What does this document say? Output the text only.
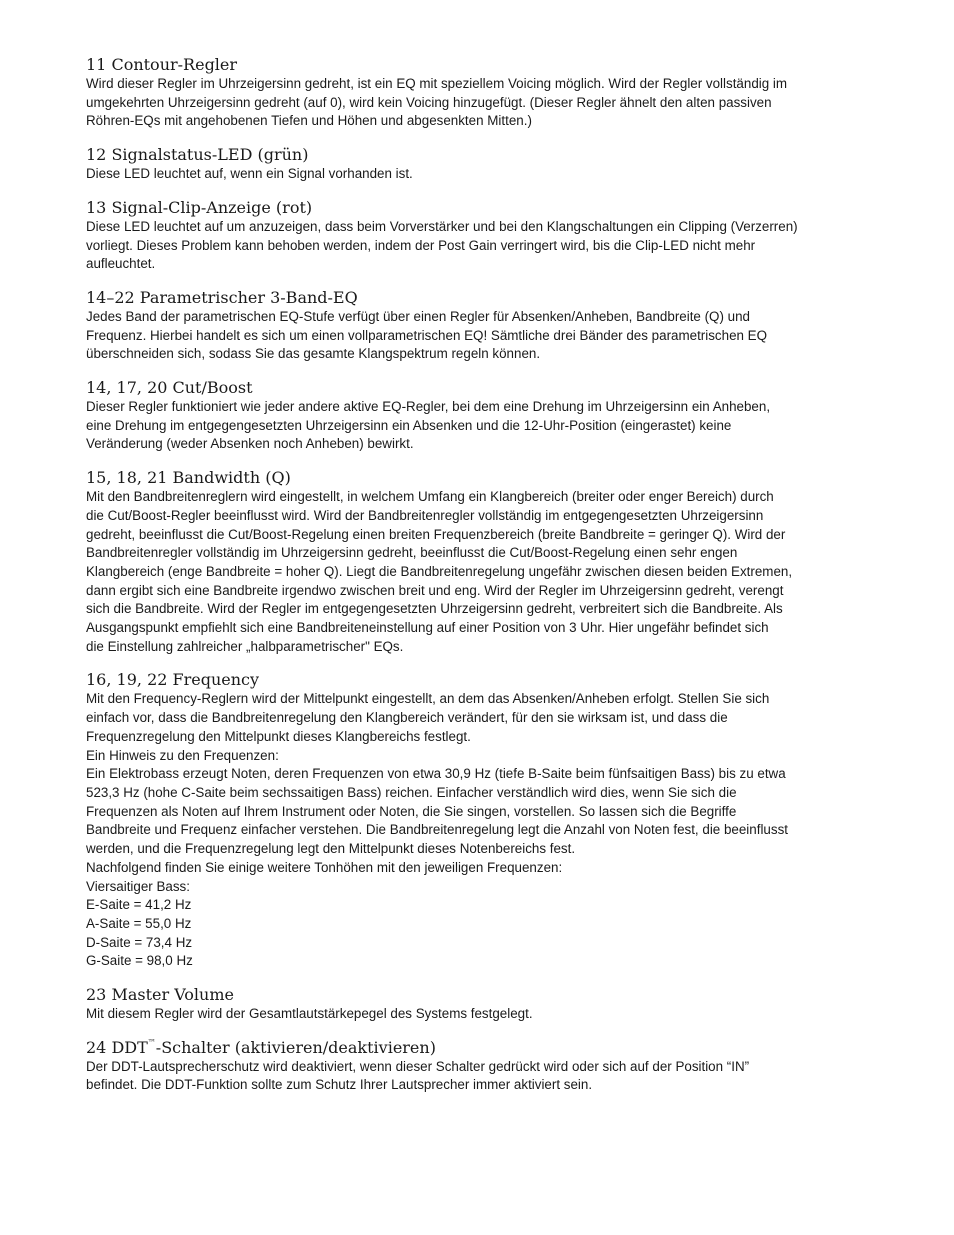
11 Contour-Regler

Wird dieser Regler im Uhrzeigersinn gedreht, ist ein EQ mit speziellem Voicing möglich. Wird der Regler vollständig im
umgekehrten Uhrzeigersinn gedreht (auf 0), wird kein Voicing hinzugefügt. (Dieser Regler ähnelt den alten passiven
Röhren-EQs mit angehobenen Tiefen und Höhen und abgesenkten Mitten.)

12 Signalstatus-LED (grün)

Diese LED leuchtet auf, wenn ein Signal vorhanden ist.

13 Signal-Clip-Anzeige (rot)

Diese LED leuchtet auf um anzuzeigen, dass beim Vorverstärker und bei den Klangschaltungen ein Clipping (Verzerren)
vorliegt. Dieses Problem kann behoben werden, indem der Post Gain verringert wird, bis die Clip-LED nicht mehr
aufleuchtet.

14–22 Parametrischer 3-Band-EQ

Jedes Band der parametrischen EQ-Stufe verfügt über einen Regler für Absenken/Anheben, Bandbreite (Q) und
Frequenz. Hierbei handelt es sich um einen vollparametrischen EQ! Sämtliche drei Bänder des parametrischen EQ
überschneiden sich, sodass Sie das gesamte Klangspektrum regeln können.

14, 17, 20 Cut/Boost

Dieser Regler funktioniert wie jeder andere aktive EQ-Regler, bei dem eine Drehung im Uhrzeigersinn ein Anheben,
eine Drehung im entgegengesetzten Uhrzeigersinn ein Absenken und die 12-Uhr-Position (eingerastet) keine
Veränderung (weder Absenken noch Anheben) bewirkt.

15, 18, 21 Bandwidth (Q)

Mit den Bandbreitenreglern wird eingestellt, in welchem Umfang ein Klangbereich (breiter oder enger Bereich) durch
die Cut/Boost-Regler beeinflusst wird. Wird der Bandbreitenregler vollständig im entgegengesetzten Uhrzeigersinn
gedreht, beeinflusst die Cut/Boost-Regelung einen breiten Frequenzbereich (breite Bandbreite = geringer Q). Wird der
Bandbreitenregler vollständig im Uhrzeigersinn gedreht, beeinflusst die Cut/Boost-Regelung einen sehr engen
Klangbereich (enge Bandbreite = hoher Q). Liegt die Bandbreitenregelung ungefähr zwischen diesen beiden Extremen,
dann ergibt sich eine Bandbreite irgendwo zwischen breit und eng. Wird der Regler im Uhrzeigersinn gedreht, verengt
sich die Bandbreite. Wird der Regler im entgegengesetzten Uhrzeigersinn gedreht, verbreitert sich die Bandbreite. Als
Ausgangspunkt empfiehlt sich eine Bandbreiteneinstellung auf einer Position von 3 Uhr. Hier ungefähr befindet sich
die Einstellung zahlreicher „halbparametrischer" EQs.

16, 19, 22 Frequency

Mit den Frequency-Reglern wird der Mittelpunkt eingestellt, an dem das Absenken/Anheben erfolgt. Stellen Sie sich
einfach vor, dass die Bandbreitenregelung den Klangbereich verändert, für den sie wirksam ist, und dass die
Frequenzregelung den Mittelpunkt dieses Klangbereichs festlegt.
Ein Hinweis zu den Frequenzen:
Ein Elektrobass erzeugt Noten, deren Frequenzen von etwa 30,9 Hz (tiefe B-Saite beim fünfsaitigen Bass) bis zu etwa
523,3 Hz (hohe C-Saite beim sechssaitigen Bass) reichen. Einfacher verständlich wird dies, wenn Sie sich die
Frequenzen als Noten auf Ihrem Instrument oder Noten, die Sie singen, vorstellen. So lassen sich die Begriffe
Bandbreite und Frequenz einfacher verstehen. Die Bandbreitenregelung legt die Anzahl von Noten fest, die beeinflusst
werden, und die Frequenzregelung legt den Mittelpunkt dieses Notenbereichs fest.
Nachfolgend finden Sie einige weitere Tonhöhen mit den jeweiligen Frequenzen:
Viersaitiger Bass:
E-Saite = 41,2 Hz
A-Saite = 55,0 Hz
D-Saite = 73,4 Hz
G-Saite = 98,0 Hz

23 Master Volume

Mit diesem Regler wird der Gesamtlautstärkepegel des Systems festgelegt.

24 DDT™-Schalter (aktivieren/deaktivieren)

Der DDT-Lautsprecherschutz wird deaktiviert, wenn dieser Schalter gedrückt wird oder sich auf der Position “IN”
befindet. Die DDT-Funktion sollte zum Schutz Ihrer Lautsprecher immer aktiviert sein.
